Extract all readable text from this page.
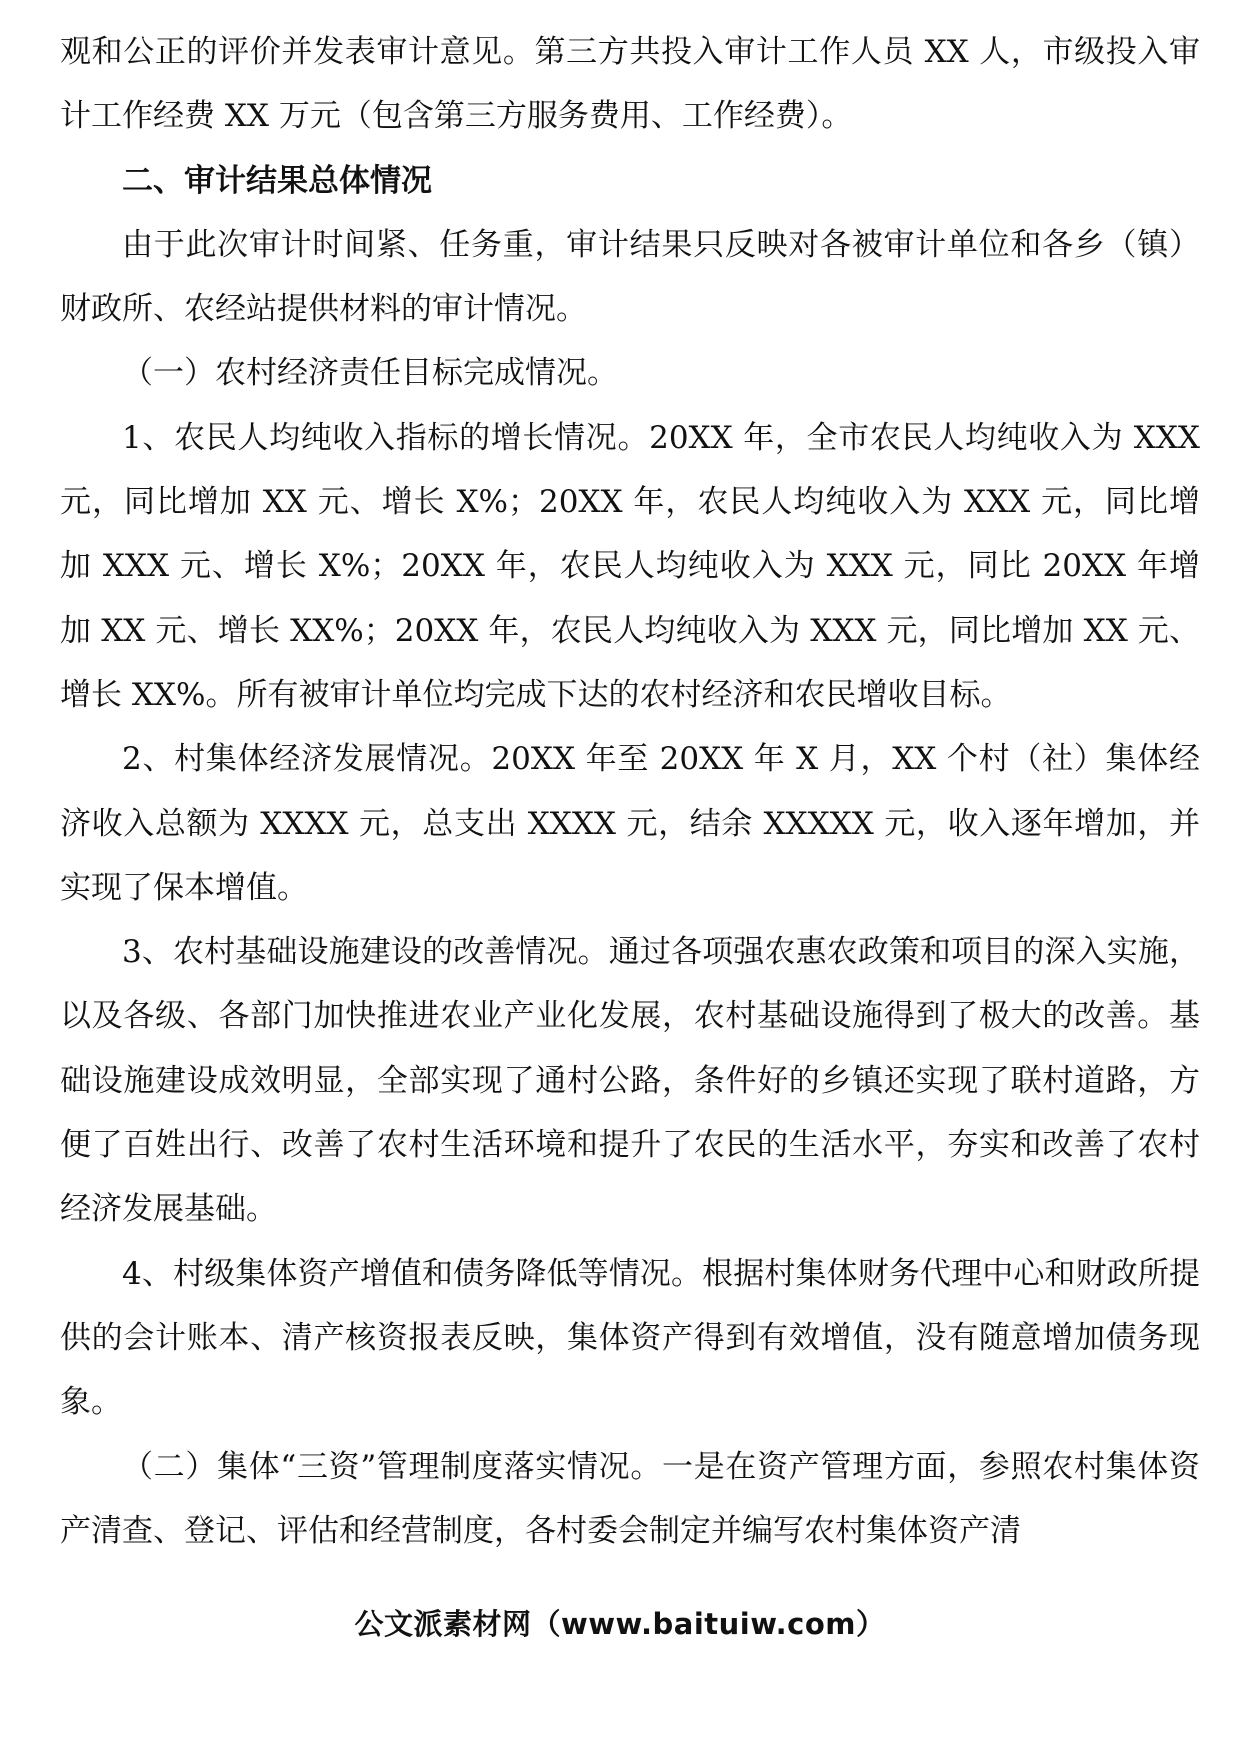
观和公正的评价并发表审计意见。第三方共投入审计工作人员 XX 人，市级投入审计工作经费 XX 万元（包含第三方服务费用、工作经费）。

二、审计结果总体情况

由于此次审计时间紧、任务重，审计结果只反映对各被审计单位和各乡（镇）财政所、农经站提供材料的审计情况。

（一）农村经济责任目标完成情况。

1、农民人均纯收入指标的增长情况。20XX 年，全市农民人均纯收入为 XXX 元，同比增加 XX 元、增长 X%；20XX 年，农民人均纯收入为 XXX 元，同比增加 XXX 元、增长 X%；20XX 年，农民人均纯收入为 XXX 元，同比 20XX 年增加 XX 元、增长 XX%；20XX 年，农民人均纯收入为 XXX 元，同比增加 XX 元、增长 XX%。所有被审计单位均完成下达的农村经济和农民增收目标。

2、村集体经济发展情况。20XX 年至 20XX 年 X 月，XX 个村（社）集体经济收入总额为 XXXX 元，总支出 XXXX 元，结余 XXXXX 元，收入逐年增加，并实现了保本增值。

3、农村基础设施建设的改善情况。通过各项强农惠农政策和项目的深入实施，以及各级、各部门加快推进农业产业化发展，农村基础设施得到了极大的改善。基础设施建设成效明显，全部实现了通村公路，条件好的乡镇还实现了联村道路，方便了百姓出行、改善了农村生活环境和提升了农民的生活水平，夯实和改善了农村经济发展基础。

4、村级集体资产增值和债务降低等情况。根据村集体财务代理中心和财政所提供的会计账本、清产核资报表反映，集体资产得到有效增值，没有随意增加债务现象。

（二）集体“三资”管理制度落实情况。一是在资产管理方面，参照农村集体资产清查、登记、评估和经营制度，各村委会制定并编写农村集体资产清

公文派素材网（www.baituiw.com）
